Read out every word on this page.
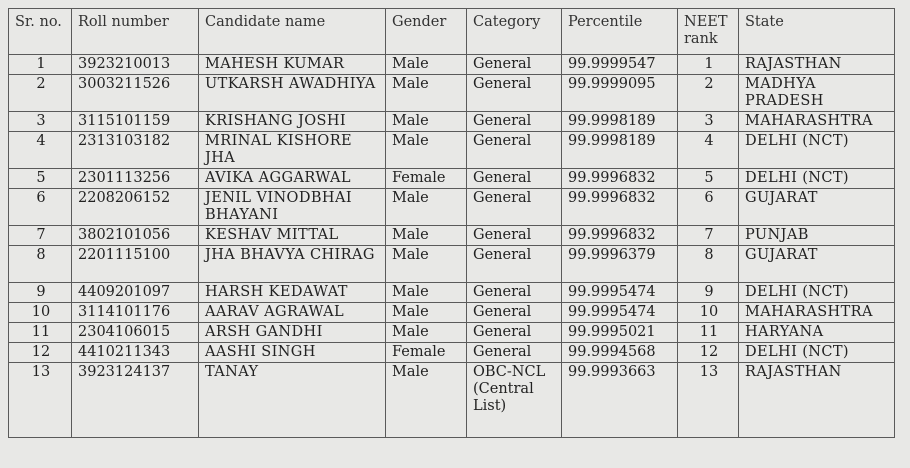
Sr. no.	Roll number	Candidate name	Gender	Category	Percentile	NEET rank	State
1	3923210013	MAHESH KUMAR	Male	General	99.9999547	1	RAJASTHAN
2	3003211526	UTKARSH AWADHIYA	Male	General	99.9999095	2	MADHYA PRADESH
3	3115101159	KRISHANG JOSHI	Male	General	99.9998189	3	MAHARASHTRA
4	2313103182	MRINAL KISHORE JHA	Male	General	99.9998189	4	DELHI (NCT)
5	2301113256	AVIKA AGGARWAL	Female	General	99.9996832	5	DELHI (NCT)
6	2208206152	JENIL VINODBHAI BHAYANI	Male	General	99.9996832	6	GUJARAT
7	3802101056	KESHAV MITTAL	Male	General	99.9996832	7	PUNJAB
8	2201115100	JHA BHAVYA CHIRAG	Male	General	99.9996379	8	GUJARAT
9	4409201097	HARSH KEDAWAT	Male	General	99.9995474	9	DELHI (NCT)
10	3114101176	AARAV AGRAWAL	Male	General	99.9995474	10	MAHARASHTRA
11	2304106015	ARSH GANDHI	Male	General	99.9995021	11	HARYANA
12	4410211343	AASHI SINGH	Female	General	99.9994568	12	DELHI (NCT)
13	3923124137	TANAY	Male	OBC-NCL (Central List)	99.9993663	13	RAJASTHAN
